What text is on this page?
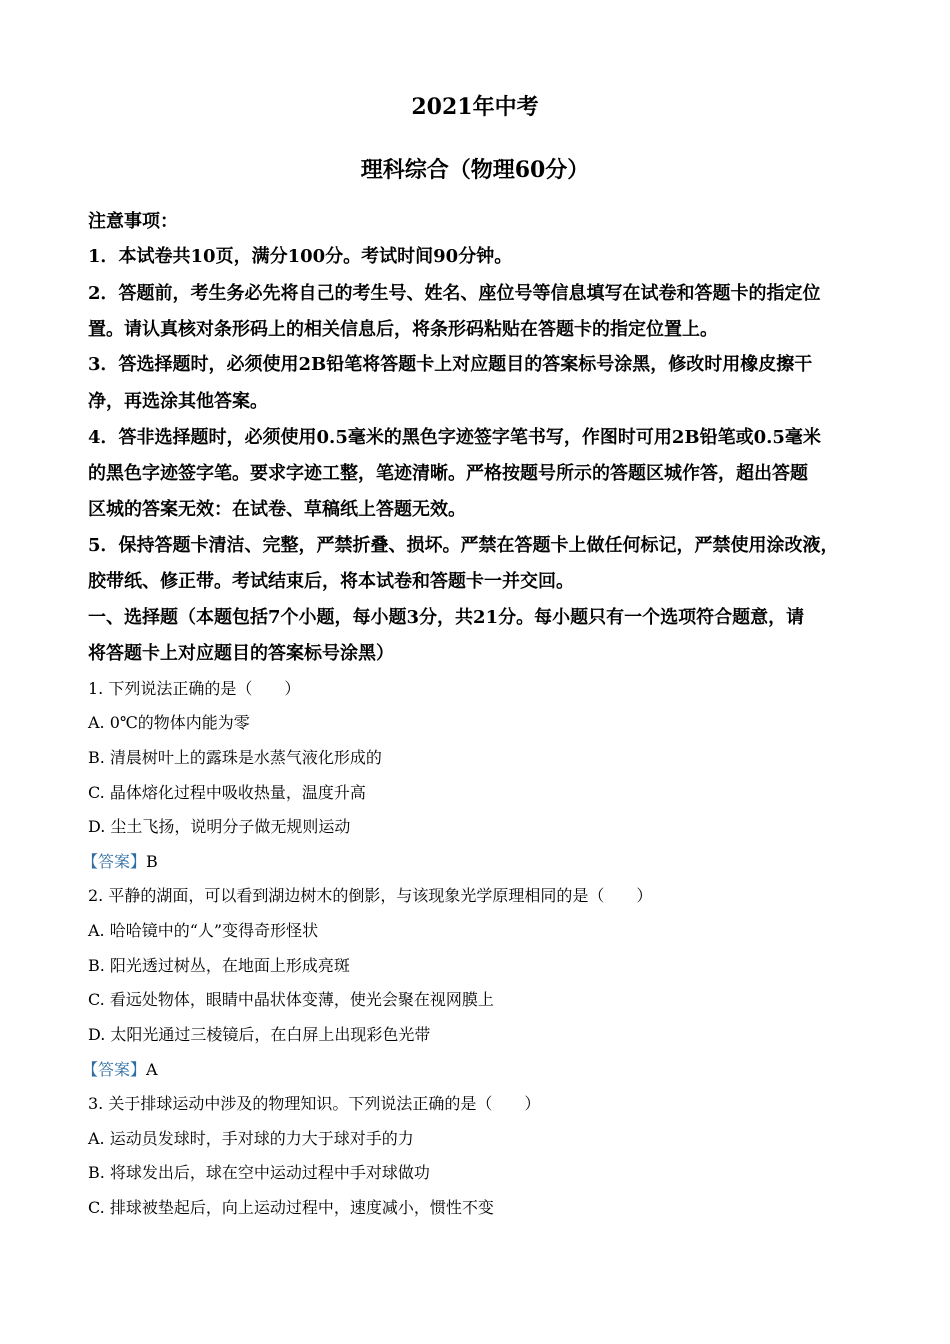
2021年中考
理科综合（物理60分）
注意事项：
1．本试卷共10页，满分100分。考试时间90分钟。
2．答题前，考生务必先将自己的考生号、姓名、座位号等信息填写在试卷和答题卡的指定位
置。请认真核对条形码上的相关信息后，将条形码粘贴在答题卡的指定位置上。
3．答选择题时，必须使用2B铅笔将答题卡上对应题目的答案标号涂黑，修改时用橡皮擦干
净，再选涂其他答案。
4．答非选择题时，必须使用0.5毫米的黑色字迹签字笔书写，作图时可用2B铅笔或0.5毫米
的黑色字迹签字笔。要求字迹工整，笔迹清晰。严格按题号所示的答题区城作答，超出答题
区城的答案无效：在试卷、草稿纸上答题无效。
5．保持答题卡清洁、完整，严禁折叠、损坏。严禁在答题卡上做任何标记，严禁使用涂改液，
胶带纸、修正带。考试结束后，将本试卷和答题卡一并交回。
一、选择题（本题包括7个小题，每小题3分，共21分。每小题只有一个选项符合题意，请
将答题卡上对应题目的答案标号涂黑）
1. 下列说法正确的是（　　）
A. 0℃的物体内能为零
B. 清晨树叶上的露珠是水蒸气液化形成的
C. 晶体熔化过程中吸收热量，温度升高
D. 尘土飞扬，说明分子做无规则运动
【答案】B
2. 平静的湖面，可以看到湖边树木的倒影，与该现象光学原理相同的是（　　）
A. 哈哈镜中的“人”变得奇形怪状
B. 阳光透过树丛，在地面上形成亮斑
C. 看远处物体，眼睛中晶状体变薄，使光会聚在视网膜上
D. 太阳光通过三棱镜后，在白屏上出现彩色光带
【答案】A
3. 关于排球运动中涉及的物理知识。下列说法正确的是（　　）
A. 运动员发球时，手对球的力大于球对手的力
B. 将球发出后，球在空中运动过程中手对球做功
C. 排球被垫起后，向上运动过程中，速度减小，惯性不变
